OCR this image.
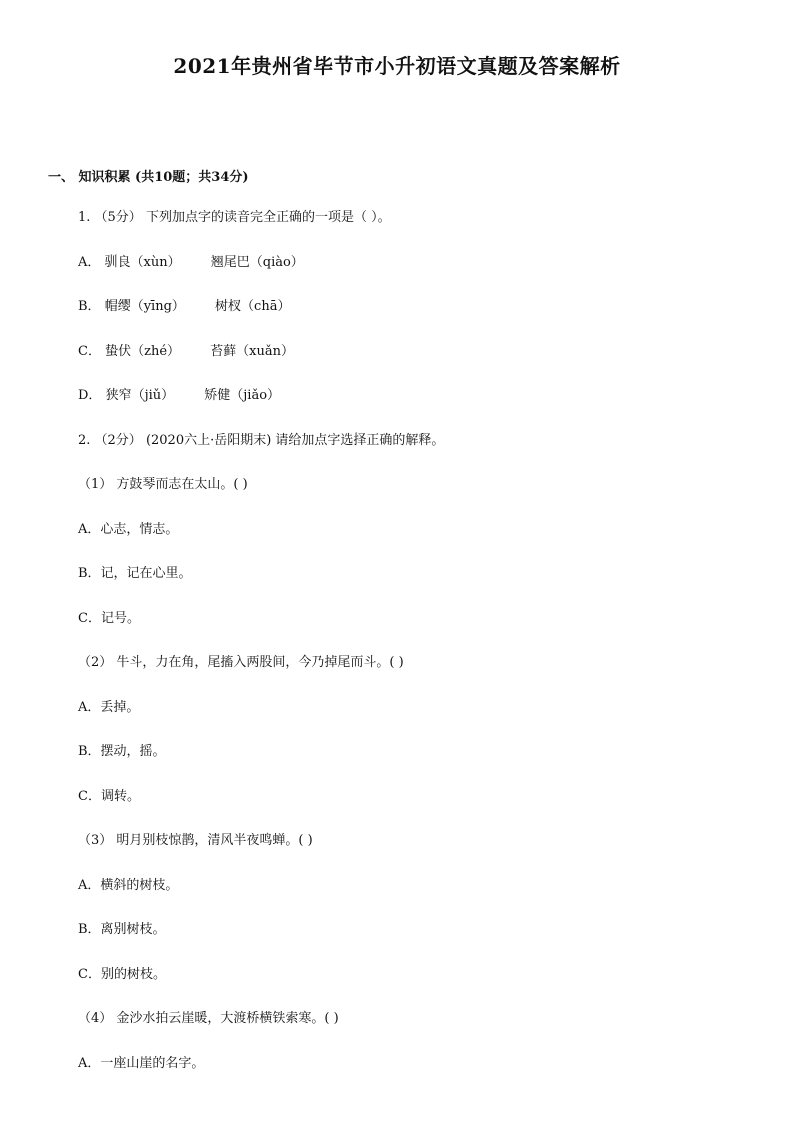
2021年贵州省毕节市小升初语文真题及答案解析
一、 知识积累 (共10题；共34分)
1. （5分） 下列加点字的读音完全正确的一项是（ ）。
A． 驯良（xùn） 翘尾巴（qiào）
B． 帽缨（yīng） 树杈（chā）
C． 蛰伏（zhé） 苔藓（xuǎn）
D． 狭窄（jiǔ） 矫健（jiǎo）
2. （2分） (2020六上·岳阳期末) 请给加点字选择正确的解释。
（1） 方鼓琴而志在太山。( )
A．心志，情志。
B．记，记在心里。
C．记号。
（2） 牛斗，力在角，尾搐入两股间，今乃掉尾而斗。( )
A．丢掉。
B．摆动，摇。
C．调转。
（3） 明月别枝惊鹊，清风半夜鸣蝉。( )
A．横斜的树枝。
B．离别树枝。
C．别的树枝。
（4） 金沙水拍云崖暖，大渡桥横铁索寒。( )
A．一座山崖的名字。
